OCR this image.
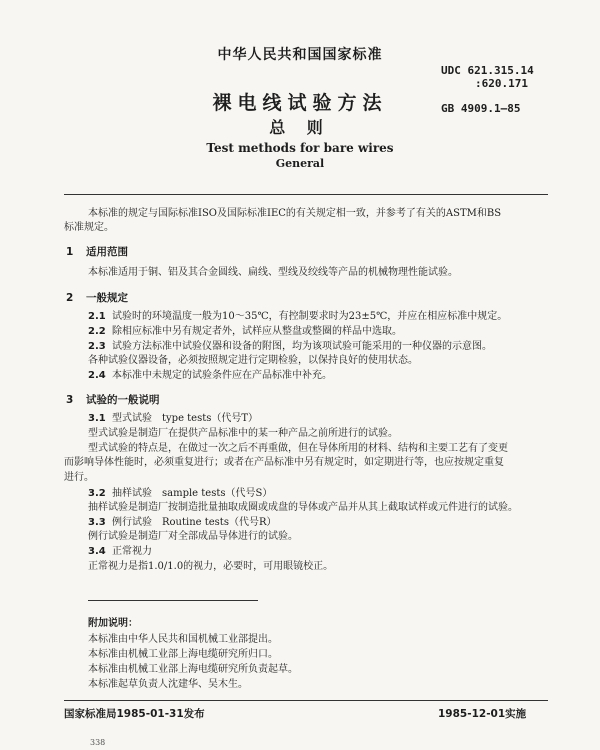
中华人民共和国国家标准
UDC 621.315.14
:620.171
GB 4909.1—85
裸电线试验方法
总 则
Test methods for bare wires
General
本标准的规定与国际标准ISO及国际标准IEC的有关规定相一致，并参考了有关的ASTM和BS
标准规定。
1 适用范围
本标准适用于铜、铝及其合金圆线、扁线、型线及绞线等产品的机械物理性能试验。
2 一般规定
2.1 试验时的环境温度一般为10～35℃，有控制要求时为23±5℃，并应在相应标准中规定。
2.2 除相应标准中另有规定者外，试样应从整盘或整圈的样品中选取。
2.3 试验方法标准中试验仪器和设备的附图，均为该项试验可能采用的一种仪器的示意图。
各种试验仪器设备，必须按照规定进行定期检验，以保持良好的使用状态。
2.4 本标准中未规定的试验条件应在产品标准中补充。
3 试验的一般说明
3.1 型式试验　type tests（代号T）
型式试验是制造厂在提供产品标准中的某一种产品之前所进行的试验。
型式试验的特点是，在做过一次之后不再重做，但在导体所用的材料、结构和主要工艺有了变更
而影响导体性能时，必须重复进行；或者在产品标准中另有规定时，如定期进行等，也应按规定重复
进行。
3.2 抽样试验　sample tests（代号S）
抽样试验是制造厂按制造批量抽取成圈或成盘的导体或产品并从其上截取试样或元件进行的试验。
3.3 例行试验　Routine tests（代号R）
例行试验是制造厂对全部成品导体进行的试验。
3.4 正常视力
正常视力是指1.0/1.0的视力，必要时，可用眼镜校正。
附加说明：
本标准由中华人民共和国机械工业部提出。
本标准由机械工业部上海电缆研究所归口。
本标准由机械工业部上海电缆研究所负责起草。
本标准起草负责人沈建华、吴木生。
国家标准局1985-01-31发布	1985-12-01实施
338
